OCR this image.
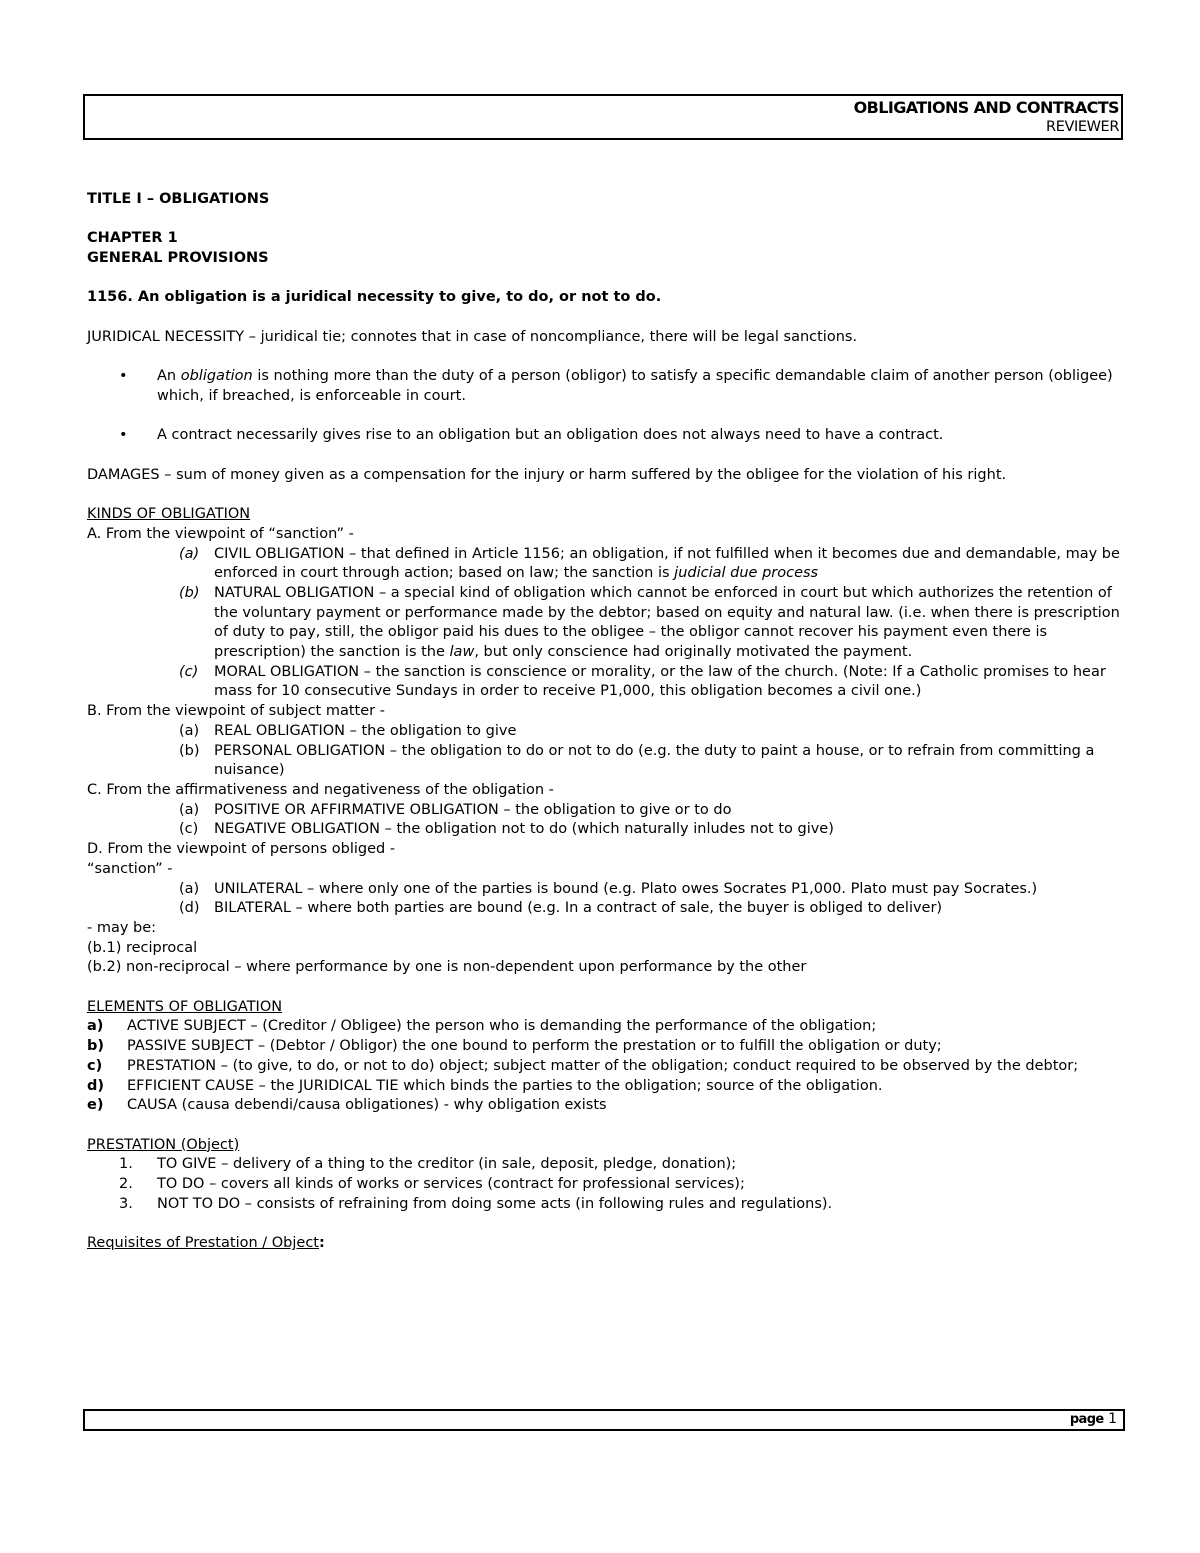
OBLIGATIONS AND CONTRACTS
REVIEWER

TITLE I – OBLIGATIONS

CHAPTER 1

GENERAL PROVISIONS

1156. An obligation is a juridical necessity to give, to do, or not to do.

JURIDICAL NECESSITY – juridical tie; connotes that in case of noncompliance, there will be legal sanctions.

• An obligation is nothing more than the duty of a person (obligor) to satisfy a specific demandable claim of another person (obligee) which, if breached, is enforceable in court.
• A contract necessarily gives rise to an obligation but an obligation does not always need to have a contract.

DAMAGES – sum of money given as a compensation for the injury or harm suffered by the obligee for the violation of his right.

KINDS OF OBLIGATION

A. From the viewpoint of “sanction” -

(a) CIVIL OBLIGATION – that defined in Article 1156; an obligation, if not fulfilled when it becomes due and demandable, may be enforced in court through action; based on law; the sanction is judicial due process
(b) NATURAL OBLIGATION – a special kind of obligation which cannot be enforced in court but which authorizes the retention of the voluntary payment or performance made by the debtor; based on equity and natural law. (i.e. when there is prescription of duty to pay, still, the obligor paid his dues to the obligee – the obligor cannot recover his payment even there is prescription) the sanction is the law, but only conscience had originally motivated the payment.
(c) MORAL OBLIGATION – the sanction is conscience or morality, or the law of the church. (Note: If a Catholic promises to hear mass for 10 consecutive Sundays in order to receive P1,000, this obligation becomes a civil one.)

B. From the viewpoint of subject matter -

(a) REAL OBLIGATION – the obligation to give
(b) PERSONAL OBLIGATION – the obligation to do or not to do (e.g. the duty to paint a house, or to refrain from committing a nuisance)

C. From the affirmativeness and negativeness of the obligation -

(a) POSITIVE OR AFFIRMATIVE OBLIGATION – the obligation to give or to do
(c) NEGATIVE OBLIGATION – the obligation not to do (which naturally inludes not to give)

D. From the viewpoint of persons obliged -

“sanction” -

(a) UNILATERAL – where only one of the parties is bound (e.g. Plato owes Socrates P1,000. Plato must pay Socrates.)
(d) BILATERAL – where both parties are bound (e.g. In a contract of sale, the buyer is obliged to deliver)

- may be:

(b.1) reciprocal

(b.2) non-reciprocal – where performance by one is non-dependent upon performance by the other

ELEMENTS OF OBLIGATION

a) ACTIVE SUBJECT – (Creditor / Obligee) the person who is demanding the performance of the obligation;
b) PASSIVE SUBJECT – (Debtor / Obligor) the one bound to perform the prestation or to fulfill the obligation or duty;
c) PRESTATION – (to give, to do, or not to do) object; subject matter of the obligation; conduct required to be observed by the debtor;
d) EFFICIENT CAUSE – the JURIDICAL TIE which binds the parties to the obligation; source of the obligation.
e) CAUSA (causa debendi/causa obligationes) - why obligation exists

PRESTATION (Object)

1. TO GIVE – delivery of a thing to the creditor (in sale, deposit, pledge, donation);
2. TO DO – covers all kinds of works or services (contract for professional services);
3. NOT TO DO – consists of refraining from doing some acts (in following rules and regulations).

Requisites of Prestation / Object:

page 1
